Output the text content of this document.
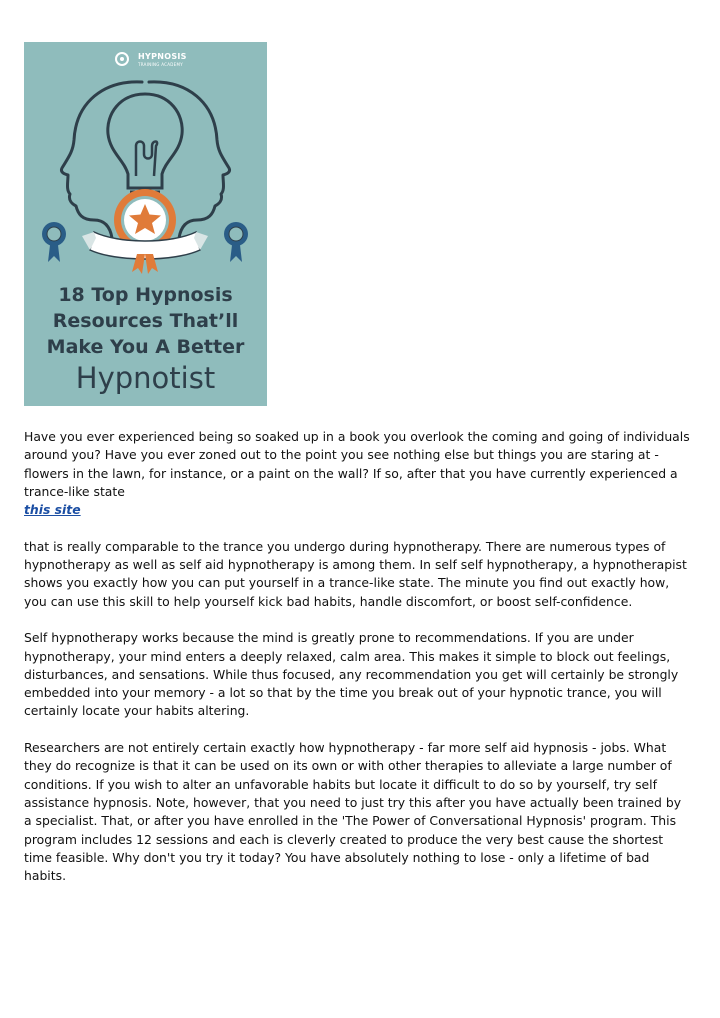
HYPNOSIS
TRAINING ACADEMY
18 Top Hypnosis
Resources That’ll
Make You A Better
Hypnotist

Have you ever experienced being so soaked up in a book you overlook the coming and going of individuals around you? Have you ever zoned out to the point you see nothing else but things you are staring at - flowers in the lawn, for instance, or a paint on the wall? If so, after that you have currently experienced a trance-like state
this site

that is really comparable to the trance you undergo during hypnotherapy. There are numerous types of hypnotherapy as well as self aid hypnotherapy is among them. In self self hypnotherapy, a hypnotherapist shows you exactly how you can put yourself in a trance-like state. The minute you find out exactly how, you can use this skill to help yourself kick bad habits, handle discomfort, or boost self-confidence.

Self hypnotherapy works because the mind is greatly prone to recommendations. If you are under hypnotherapy, your mind enters a deeply relaxed, calm area. This makes it simple to block out feelings, disturbances, and sensations. While thus focused, any recommendation you get will certainly be strongly embedded into your memory - a lot so that by the time you break out of your hypnotic trance, you will certainly locate your habits altering.

Researchers are not entirely certain exactly how hypnotherapy - far more self aid hypnosis - jobs. What they do recognize is that it can be used on its own or with other therapies to alleviate a large number of conditions. If you wish to alter an unfavorable habits but locate it difficult to do so by yourself, try self assistance hypnosis. Note, however, that you need to just try this after you have actually been trained by a specialist. That, or after you have enrolled in the 'The Power of Conversational Hypnosis' program. This program includes 12 sessions and each is cleverly created to produce the very best cause the shortest time feasible. Why don't you try it today? You have absolutely nothing to lose - only a lifetime of bad habits.
